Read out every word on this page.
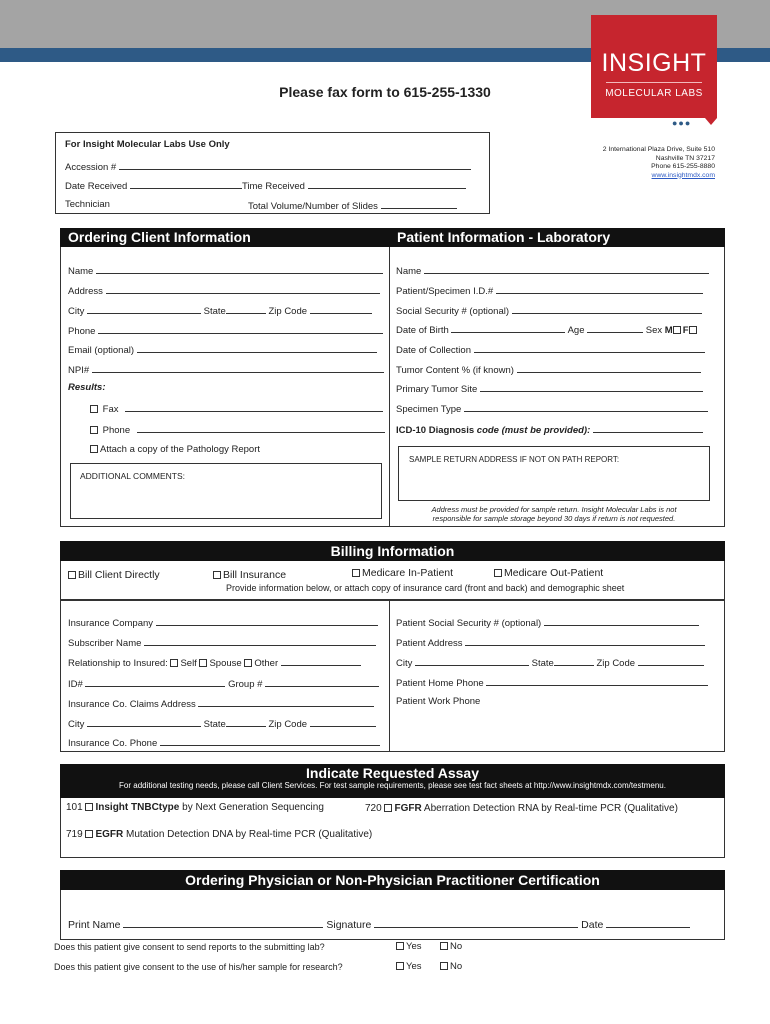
INSIGHT
MOLECULAR LABS
●●●
Please fax form to 615-255-1330
For Insight Molecular Labs Use Only
Accession #
Date Received	Time Received
Technician	Total Volume/Number of Slides
2 International Plaza Drive, Suite 510
Nashville TN 37217
Phone 615-255-8880
www.insightmdx.com
Ordering Client Information	Patient Information - Laboratory
Name
Address
City	State	Zip Code
Phone
Email (optional)
NPI#
Results:
Fax
Phone
Attach a copy of the Pathology Report
ADDITIONAL COMMENTS:
Name
Patient/Specimen I.D.#
Social Security # (optional)
Date of Birth	Age	Sex M F
Date of Collection
Tumor Content % (if known)
Primary Tumor Site
Specimen Type
ICD-10 Diagnosis code (must be provided):
SAMPLE RETURN ADDRESS IF NOT ON PATH REPORT:
Address must be provided for sample return. Insight Molecular Labs is not
responsible for sample storage beyond 30 days if return is not requested.
Billing Information
Bill Client Directly	Bill Insurance	Medicare In-Patient	Medicare Out-Patient
Provide information below, or attach copy of insurance card (front and back) and demographic sheet
Insurance Company
Subscriber Name
Relationship to Insured: Self Spouse Other
ID#	Group #
Insurance Co. Claims Address
City	State	Zip Code
Insurance Co. Phone
Patient Social Security # (optional)
Patient Address
City	State	Zip Code
Patient Home Phone
Patient Work Phone
Indicate Requested Assay
For additional testing needs, please call Client Services. For test sample requirements, please see test fact sheets at http://www.insightmdx.com/testmenu.
101 Insight TNBCtype by Next Generation Sequencing	720 FGFR Aberration Detection RNA by Real-time PCR (Qualitative)
719 EGFR Mutation Detection DNA by Real-time PCR (Qualitative)
Ordering Physician or Non-Physician Practitioner Certification
Print Name	Signature	Date
Does this patient give consent to send reports to the submitting lab?	Yes	No
Does this patient give consent to the use of his/her sample for research?	Yes	No
